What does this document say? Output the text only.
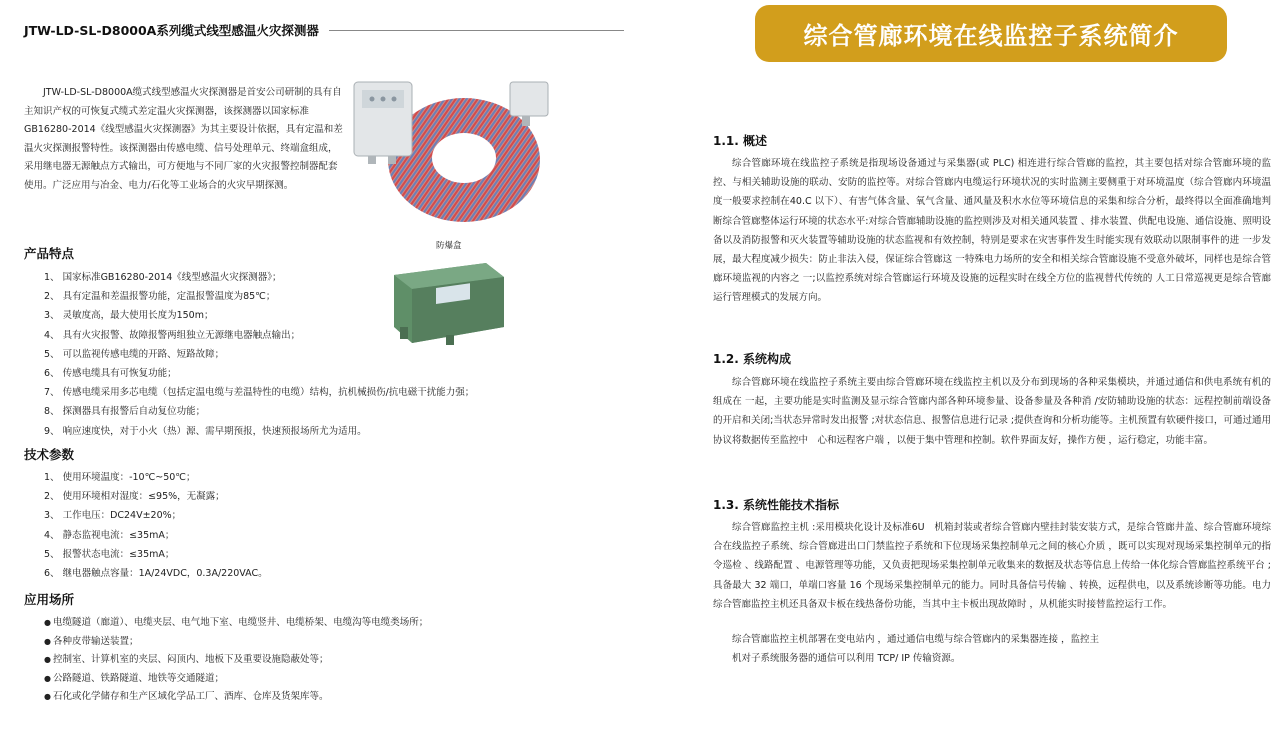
JTW-LD-SL-D8000A系列缆式线型感温火灾探测器

JTW-LD-SL-D8000A缆式线型感温火灾探测器是首安公司研制的具有自主知识产权的可恢复式缆式差定温火灾探测器，该探测器以国家标准GB16280-2014《线型感温火灾探测器》为其主要设计依据，具有定温和差温火灾探测报警特性。该探测器由传感电缆、信号处理单元、终端盒组成，采用继电器无源触点方式输出，可方便地与不同厂家的火灾报警控制器配套使用。广泛应用与冶金、电力/石化等工业场合的火灾早期探测。

防爆盒
产品特点
1、 国家标准GB16280-2014《线型感温火灾探测器》；
2、 具有定温和差温报警功能，定温报警温度为85℃；
3、 灵敏度高，最大使用长度为150m；
4、 具有火灾报警、故障报警两组独立无源继电器触点输出；
5、 可以监视传感电缆的开路、短路故障；
6、 传感电缆具有可恢复功能；
7、 传感电缆采用多芯电缆（包括定温电缆与差温特性的电缆）结构，抗机械损伤/抗电磁干扰能力强；
8、 探测器具有报警后自动复位功能；
9、 响应速度快，对于小火（热）源、需早期预报，快速预报场所尤为适用。
技术参数
1、 使用环境温度：-10℃~50℃；
2、 使用环境相对湿度：≤95%，无凝露；
3、 工作电压：DC24V±20%；
4、 静态监视电流：≤35mA；
5、 报警状态电流：≤35mA；
6、 继电器触点容量：1A/24VDC，0.3A/220VAC。
应用场所
● 电缆隧道（廊道）、电缆夹层、电气地下室、电缆竖井、电缆桥架、电缆沟等电缆类场所；
● 各种皮带输送装置；
● 控制室、计算机室的夹层、闷顶内、地板下及重要设施隐蔽处等；
● 公路隧道、铁路隧道、地铁等交通隧道；
● 石化或化学储存和生产区域化学品工厂、酒库、仓库及货架库等。
综合管廊环境在线监控子系统简介
1.1. 概述

综合管廊环境在线监控子系统是指现场设备通过与采集器(或 PLC) 相连进行综合管廊的监控，其主要包括对综合管廊环境的监控、与相关辅助设施的联动、安防的监控等。对综合管廊内电缆运行环境状况的实时监测主要侧重于对环境温度（综合管廊内环境温度一般要求控制在40.C 以下）、有害气体含量、氧气含量、通风量及积水水位等环境信息的采集和综合分析，最终得以全面准确地判断综合管廊整体运行环境的状态水平:对综合管廊辅助设施的监控则涉及对相关通风装置 、排水装置、供配电设施、通信设施、照明设备以及消防报警和灭火装置等辅助设施的状态监视和有效控制，特别是要求在灾害事件发生时能实现有效联动以限制事件的进 一步发展，最大程度减少损失：防止非法入侵，保证综合管廊这 一特殊电力场所的安全和相关综合管廊设施不受意外破坏，同样也是综合管廊环境监视的内容之 一;以监控系统对综合管廊运行环境及设施的远程实时在线全方位的监视替代传统的 人工日常巡视更是综合管廊运行管理模式的发展方向。

1.2. 系统构成

综合管廊环境在线监控子系统主要由综合管廊环境在线监控主机以及分布到现场的各种采集模块，并通过通信和供电系统有机的组成在 一起，主要功能是实时监测及显示综合管廊内部各种环境参量、设备参量及各种消 /安防辅助设施的状态：远程控制前端设备的开启和关闭;当状态异常时发出报警 ;对状态信息、报警信息进行记录 ;提供查询和分析功能等。主机预置有软硬件接口，可通过通用协议将数据传至监控中　心和远程客户端 ，以便于集中管理和控制。软件界面友好，操作方便 ，运行稳定，功能丰富。

1.3. 系统性能技术指标

综合管廊监控主机 :采用模块化设计及标准6U　机箱封装或者综合管廊内壁挂封装安装方式，是综合管廊井盖、综合管廊环境综合在线监控子系统、综合管廊进出口门禁监控子系统和下位现场采集控制单元之间的核心介质 ，既可以实现对现场采集控制单元的指令巡检 、线路配置 、电源管理等功能，又负责把现场采集控制单元收集来的数据及状态等信息上传给一体化综合管廊监控系统平台 ;具备最大 32 端口，单端口容量 16 个现场采集控制单元的能力。同时具备信号传输 、转换，远程供电，以及系统诊断等功能。电力综合管廊监控主机还具备双卡板在线热备份功能，当其中主卡板出现故障时 ，从机能实时接替监控运行工作。

综合管廊监控主机部署在变电站内 ，通过通信电缆与综合管廊内的采集器连接 ，监控主

机对子系统服务器的通信可以利用 TCP/ IP 传输资源。
